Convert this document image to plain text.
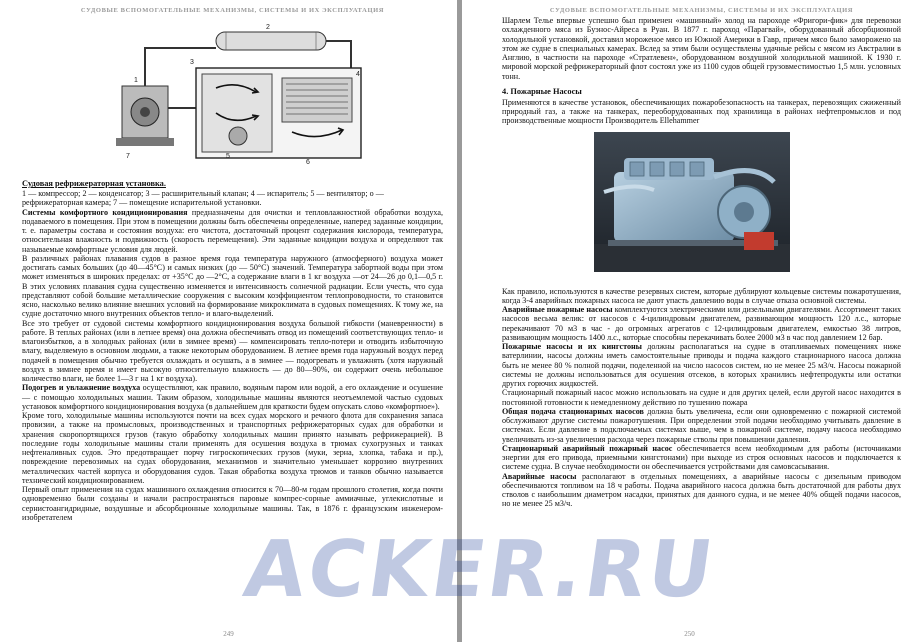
СУДОВЫЕ ВСПОМОГАТЕЛЬНЫЕ МЕХАНИЗМЫ, СИСТЕМЫ И ИХ ЭКСПЛУАТАЦИЯ
1
2
3
4
5
6
7

Судовая рефрижераторная установка.

1 — компрессор; 2 — конденсатор; 3 — расширительный клапан; 4 — испаритель; 5 — вентилятор; о — рефрижераторная камера; 7 — помещение испарительной установки.

Системы комфортного кондиционирования предназначены для очистки и тепловлажностной обработки воздуха, подаваемого в помещения. При этом в помещении должны быть обеспечены определенные, наперед заданные кондиции, т. е. параметры состава и состояния воздуха: его чистота, достаточный процент содержания кислорода, температура, относительная влажность и подвижность (скорость перемещения). Эти заданные кондиции воздуха и определяют так называемые комфортные условия для людей.

В различных районах плавания судов в разное время года температура наружного (атмосферного) воздуха может достигать самых больших (до 40—45°С) и самых низких (до — 50°С) значений. Температура забортной воды при этом может изменяться в широких пределах: от +35°С до —2°С, а содержание влаги в 1 кг воздуха —от 24—26 до 0,1—0,5 г. В этих условиях плавания судна существенно изменяется и интенсивность солнечной радиации. Если учесть, что суда представляют собой большие металлические сооружения с высоким коэффициентом теплопроводности, то становится ясно, насколько велико влияние внешних условий на формирование микроклимата в судовых помещениях. К тому же, на судне достаточно много внутренних объектов тепло- и влаго-выделений.

Все это требует от судовой системы комфортного кондиционирования воздуха большой гибкости (маневренности) в работе. В теплых районах (или в летнее время) она должна обеспечивать отвод из помещений соответствующих тепло- и влагоизбытков, а в холодных районах (или в зимнее время) — компенсировать тепло-потери и отводить избыточную влагу, выделяемую в основном людьми, а также некоторым оборудованием. В летнее время года наружный воздух перед подачей в помещения обычно требуется охлаждать и осушать, а в зимнее — подогревать и увлажнять (хотя наружный воздух в зимнее время и имеет высокую относительную влажность — до 80—90%, он содержит очень небольшое количество влаги, не более 1—3 г на 1 кг воздуха).

Подогрев и увлажнение воздуха осуществляют, как правило, водяным паром или водой, а его охлаждение и осушение — с помощью холодильных машин. Таким образом, холодильные машины являются неотъемлемой частью судовых установок комфортного кондиционирования воздуха (в дальнейшем для краткости будем опускать слово «комфортное»).

Кроме того, холодильные машины используются почти на всех судах морского и речного флота для сохранения запаса провизии, а также на промысловых, производственных и транспортных рефрижераторных судах для обработки и хранения скоропортящихся грузов (такую обработку холодильных машин принято называть рефрижерацией). В последние годы холодильные машины стали применять для осушения воздуха в трюмах сухогрузных и танках нефтеналивных судов. Это предотвращает порчу гигроскопических грузов (муки, зерна, хлопка, табака и пр.), повреждение перевозимых на судах оборудования, механизмов и значительно уменьшает коррозию внутренних металлических частей корпуса и оборудования судов. Такая обработка воздуха трюмов и танков обычно называется технический кондиционированием.

Первый опыт применения на судах машинного охлаждения относится к 70—80-м годам прошлого столетия, когда почти одновременно были созданы и начали распространяться паровые компрес-сорные аммиачные, углекислотные и сернистоангидридные, воздушные и абсорбционные холодильные машины. Так, в 1876 г. французским инженером-изобретателем

249
СУДОВЫЕ ВСПОМОГАТЕЛЬНЫЕ МЕХАНИЗМЫ, СИСТЕМЫ И ИХ ЭКСПЛУАТАЦИЯ

Шарлем Телье впервые успешно был применен «машинный» холод на пароходе «Фригори-фик» для перевозки охлажденного мяса из Буэнос-Айреса в Руан. В 1877 г. пароход «Парагвай», оборудованный абсорбционной холодильной установкой, доставил мороженое мясо из Южной Америки в Гавр, причем мясо было заморожено на этом же судне в специальных камерах. Вслед за этим были осуществлены удачные рейсы с мясом из Австралии в Англию, в частности на пароходе «Стратлевен», оборудованном воздушной холодильной машиной. К 1930 г. мировой морской рефрижераторный флот состоял уже из 1100 судов общей грузовместимостью 1,5 млн. условных тонн.

4. Пожарные Насосы

Применяются в качестве установок, обеспечивающих пожаробезопасность на танкерах, перевозящих сжиженный природный газ, а также на танкерах, переоборудованных под хранилища в районах нефтепромыслов и под производственные мощности Производитель Ellehammer

Как правило, используются в качестве резервных систем, которые дублируют кольцевые системы пожаротушения, когда 3-4 аварийных пожарных насоса не дают упасть давлению воды в случае отказа основной системы.

Аварийные пожарные насосы комплектуются электрическими или дизельными двигателями. Ассортимент таких насосов весьма велик: от насосов с 4-цилиндровым двигателем, развивающим мощность 120 л.с., которые перекачивают 70 м3 в час - до огромных агрегатов с 12-цилиндровым двигателем, емкостью 38 литров, развивающим мощность 1400 л.с., которые способны перекачивать более 2000 м3 в час под давлением 12 бар.

Пожарные насосы и их кингстоны должны располагаться на судне в отапливаемых помещениях ниже ватерлинии, насосы должны иметь самостоятельные приводы и подача каждого стационарного насоса должна быть не менее 80 % полной подачи, поделенной на число насосов систем, но не менее 25 м3/ч. Насосы пожарной системы не должны использоваться для осушения отсеков, в которых хранились нефтепродукты или остатки других горючих жидкостей.

Стационарный пожарный насос можно использовать на судне и для других целей, если другой насос находится в постоянной готовности к немедленному действию по тушению пожара

Общая подача стационарных насосов должна быть увеличена, если они одновременно с пожарной системой обслуживают другие системы пожаротушения. При определении этой подачи необходимо учитывать давление в системах. Если давление в подключаемых системах выше, чем в пожарной системе, подачу насоса необходимо увеличивать из-за увеличения расхода через пожарные стволы при повышении давления.

Стационарный аварийный пожарный насос обеспечивается всем необходимым для работы (источниками энергии для его привода, приемными кингстонами) при выходе из строя основных насосов и подключается к системе судна. В случае необходимости он обеспечивается устройствами для самовсасывания.

Аварийные насосы располагают в отдельных помещениях, а аварийные насосы с дизельным приводом обеспечиваются топливом на 18 ч работы. Подача аварийного насоса должна быть достаточной для работы двух стволов с наибольшим диаметром насадки, принятых для данного судна, и не менее 40% общей подачи насосов, но не менее 25 м3/ч.

250
ACKER.RU
